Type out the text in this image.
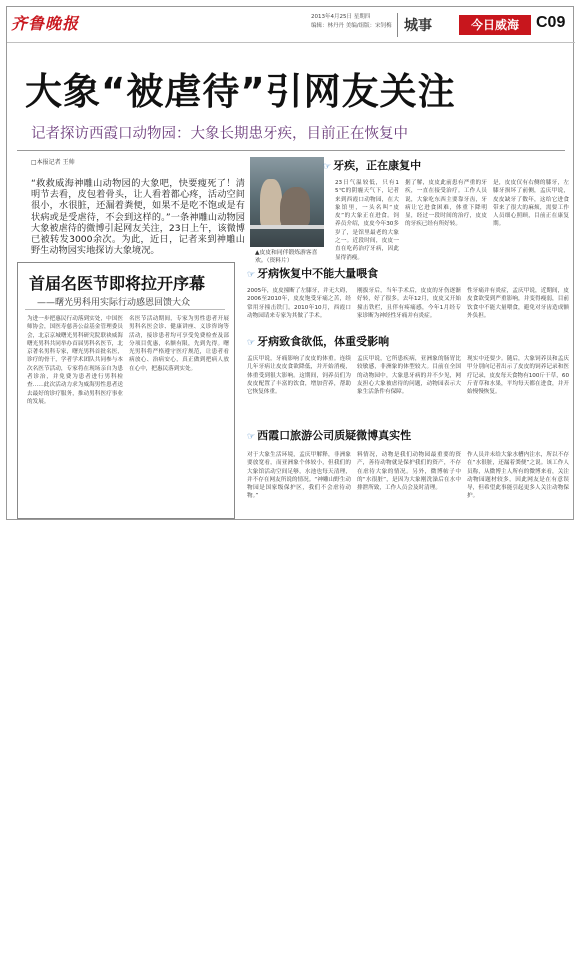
齐鲁晚报	2013年4月25日 星期四
编辑：林丹丹 美编/组版：宋钊梅 城事	今日威海	C09
大象“被虐待”引网友关注
记者探访西霞口动物园：大象长期患牙疾，目前正在恢复中
□本报记者 王帅
“救救威海神雕山动物园的大象吧，快要瘦死了！清明节去看，皮包着骨头，让人看着都心疼，活动空间很小，水很脏，还漏着粪便，如果不是吃不饱或是有状病或是受虐待，不会到这样的。”一条神雕山动物园大象被虐待的微博引起网友关注，23日上午，该微博已被转发3000余次。为此，近日，记者来到神雕山野生动物园实地探访大象境况。	▲皮皮和同伴锻炼游客喜欢。（资料片）
☞ 牙疾，正在康复中
23日气温较低，只有15℃的阴霾天气下，记者来到西霞口动物园，在大象馆里，一头名叫“皮皮”的大象正在进食。饲养员介绍，皮皮今年30多岁了，是馆里最老的大象之一。近段时间，皮皮一直在吃药治疗牙病，因此显得消瘦。
据了解，皮皮此前患有严重的牙疾，一直在接受治疗。工作人员说，大象吃东西主要靠牙齿，牙病让它进食困难，体重下降明显，经过一段时间的治疗，皮皮的牙疾已经有所好转。
是，皮皮仅有右侧的膝牙，左膝牙损坏了前侧，孟庆甲说，皮皮缺牙了数年，这给它进食带来了很大的麻烦，需要工作人员细心照顾，目前正在康复期。
☞ 牙病恢复中不能大量喂食
2005年，皮皮撞断了左膝牙，并无大碍，2006至2010年，皮皮饱受牙痛之苦，经常用牙撞击铁门。2010年10月，西霞口动物园请来专家为其做了手术。
刚拔牙后，当年手术后，皮皮的牙伤逐渐好转，好了很多。去年12月，皮皮又开始撞击铁栏，且伴有疼痛感，今年1月经专家诊断为神经性牙痛并有炎症。
性牙痛并有炎症，孟庆甲说，近期间，皮皮食欲受到严重影响，并变得瘦弱，目前饮食中不能大量喂食，避免对牙齿造成额外负担。
☞ 牙病致食欲低，体重受影响
孟庆甲说，牙痛影响了皮皮的体重。连续几年牙病让皮皮食欲降低，并开始消瘦，体重受到很大影响。这期间，饲养员们为皮皮配置了丰富的饮食，增加营养，帮助它恢复体重。
孟庆甲说，它所患疾病，亚洲象的肠胃比较敏感，非洲象的体型较大。目前在全国的动物园中，大象患牙病的并不少见，网友担心大象被虐待的问题，动物园表示大象生活条件有保障。
现实中还要少。随后，大象饲养员和孟庆甲分别向记者出示了皮皮的饲养记录和医疗记录，皮皮每天食物有100斤干草，60斤青草和水果，平均每天都在进食，并开始慢慢恢复。
☞ 西霞口旅游公司质疑微博真实性
对于大象生活环境，孟庆甲解释，非洲象要放宽看，而亚洲象个体较小，但我们的大象馆活动空间足够，水池也每天清理，并不存在网友所说的情况。“神雕山野生动物园是国家级保护区，我们不会虐待动物。”
料情况，动物是我们动物园最重要的资产，善待动物就是保护我们的资产，不存在虐待大象的情况。另外，微博帖子中的“水很脏”，是因为大象刚洗澡后在水中排泄所致，工作人员会及时清理。
作人员并未给大象水槽内注水，所以不存在“水很脏，还漏着粪便”之说。该工作人员称，从微博主人所有的微博来看，关注动物园题材较多，因此网友是在有意误导，但希望此事能引起更多人关注动物保护。
首届名医节即将拉开序幕
——曙光男科用实际行动感恩回馈大众
为进一步把惠民行动落到实处，中国医师协会，国医寿慈善公益基金管理委员会，北京京城曙光男科研究院联袂威海曙光男科共同举办首届男科名医节，北京著名男科专家，曙光男科首批名医，诊疗的骨干，学者学术团队共同参与本次名医节活动，专家将在现场亲自为患者诊治，并免费为患者进行男科检查……此次活动力求为威海男性患者送去最好的诊疗服务，推动男科医疗事业的发展。
名医节活动期间，专家为男性患者开展男科名医会诊、健康讲座、义诊咨询等活动，接诊患者均可享受免费检查及部分项目优惠，名额有限，先到先得。曙光男科将严格遵守医疗规范，让患者看病放心、治病安心，真正做到把病人放在心中，把惠民落到实处。
